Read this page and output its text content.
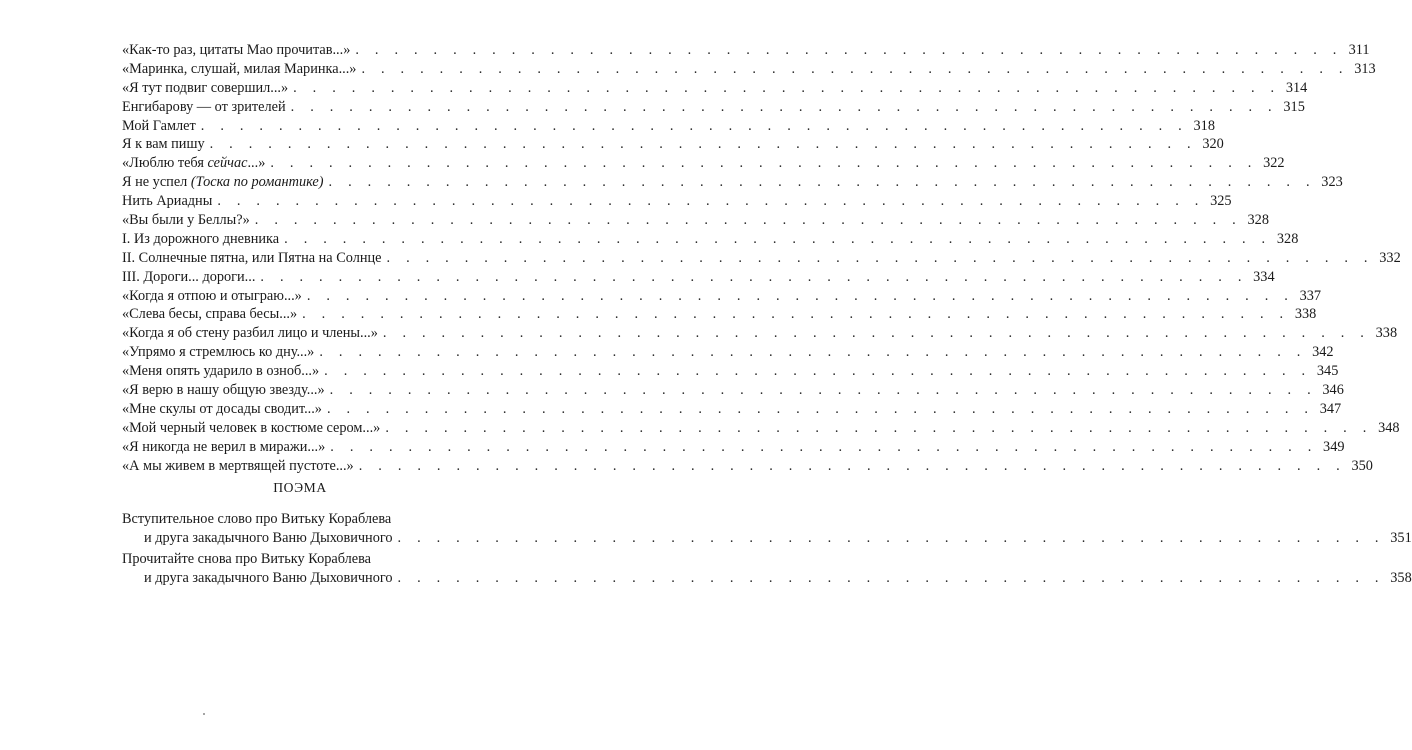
«Как-то раз, цитаты Мао прочитав...» . . . . . . . . . . . . . . . . . . . . . . . . . . . . . . . . . . . . . . . . . . . . . . . . . . . 311
«Маринка, слушай, милая Маринка...» . . . . . . . . . . . . . . . . . . . . . . . . . . . . . . . . . . . . . . . . . . . . . . . . . . . 313
«Я тут подвиг совершил...» . . . . . . . . . . . . . . . . . . . . . . . . . . . . . . . . . . . . . . . . . . . . . . . . . . . 314
Енгибарову — от зрителей . . . . . . . . . . . . . . . . . . . . . . . . . . . . . . . . . . . . . . . . . . . . . . . . . . . 315
Мой Гамлет . . . . . . . . . . . . . . . . . . . . . . . . . . . . . . . . . . . . . . . . . . . . . . . . . . . 318
Я к вам пишу . . . . . . . . . . . . . . . . . . . . . . . . . . . . . . . . . . . . . . . . . . . . . . . . . . . 320
«Люблю тебя сейчас...» . . . . . . . . . . . . . . . . . . . . . . . . . . . . . . . . . . . . . . . . . . . . . . . . . . . 322
Я не успел (Тоска по романтике) . . . . . . . . . . . . . . . . . . . . . . . . . . . . . . . . . . . . . . . . . . . . . . . . . . . 323
Нить Ариадны . . . . . . . . . . . . . . . . . . . . . . . . . . . . . . . . . . . . . . . . . . . . . . . . . . . 325
«Вы были у Беллы?» . . . . . . . . . . . . . . . . . . . . . . . . . . . . . . . . . . . . . . . . . . . . . . . . . . . 328
I. Из дорожного дневника . . . . . . . . . . . . . . . . . . . . . . . . . . . . . . . . . . . . . . . . . . . . . . . . . . . 328
II. Солнечные пятна, или Пятна на Солнце . . . . . . . . . . . . . . . . . . . . . . . . . . . . . . . . . . . . . . . . . . . . . . . . . . . 332
III. Дороги... дороги... . . . . . . . . . . . . . . . . . . . . . . . . . . . . . . . . . . . . . . . . . . . . . . . . . . . 334
«Когда я отпою и отыграю...» . . . . . . . . . . . . . . . . . . . . . . . . . . . . . . . . . . . . . . . . . . . . . . . . . . . 337
«Слева бесы, справа бесы...» . . . . . . . . . . . . . . . . . . . . . . . . . . . . . . . . . . . . . . . . . . . . . . . . . . . 338
«Когда я об стену разбил лицо и члены...» . . . . . . . . . . . . . . . . . . . . . . . . . . . . . . . . . . . . . . . . . . . . . . . . . . . 338
«Упрямо я стремлюсь ко дну...» . . . . . . . . . . . . . . . . . . . . . . . . . . . . . . . . . . . . . . . . . . . . . . . . . . . 342
«Меня опять ударило в озноб...» . . . . . . . . . . . . . . . . . . . . . . . . . . . . . . . . . . . . . . . . . . . . . . . . . . . 345
«Я верю в нашу общую звезду...» . . . . . . . . . . . . . . . . . . . . . . . . . . . . . . . . . . . . . . . . . . . . . . . . . . . 346
«Мне скулы от досады сводит...» . . . . . . . . . . . . . . . . . . . . . . . . . . . . . . . . . . . . . . . . . . . . . . . . . . . 347
«Мой черный человек в костюме сером...» . . . . . . . . . . . . . . . . . . . . . . . . . . . . . . . . . . . . . . . . . . . . . . . . . . . 348
«Я никогда не верил в миражи...» . . . . . . . . . . . . . . . . . . . . . . . . . . . . . . . . . . . . . . . . . . . . . . . . . . . 349
«А мы живем в мертвящей пустоте...» . . . . . . . . . . . . . . . . . . . . . . . . . . . . . . . . . . . . . . . . . . . . . . . . . . . 350
ПОЭМА
Вступительное слово про Витьку Кораблева
и друга закадычного Ваню Дыховичного . . . . . . . . . . . . . . . . . . . . . . . . . . . . . . . . . . . . . . . . . . . . . . . . . . . 351
Прочитайте снова про Витьку Кораблева
и друга закадычного Ваню Дыховичного . . . . . . . . . . . . . . . . . . . . . . . . . . . . . . . . . . . . . . . . . . . . . . . . . . . 358
